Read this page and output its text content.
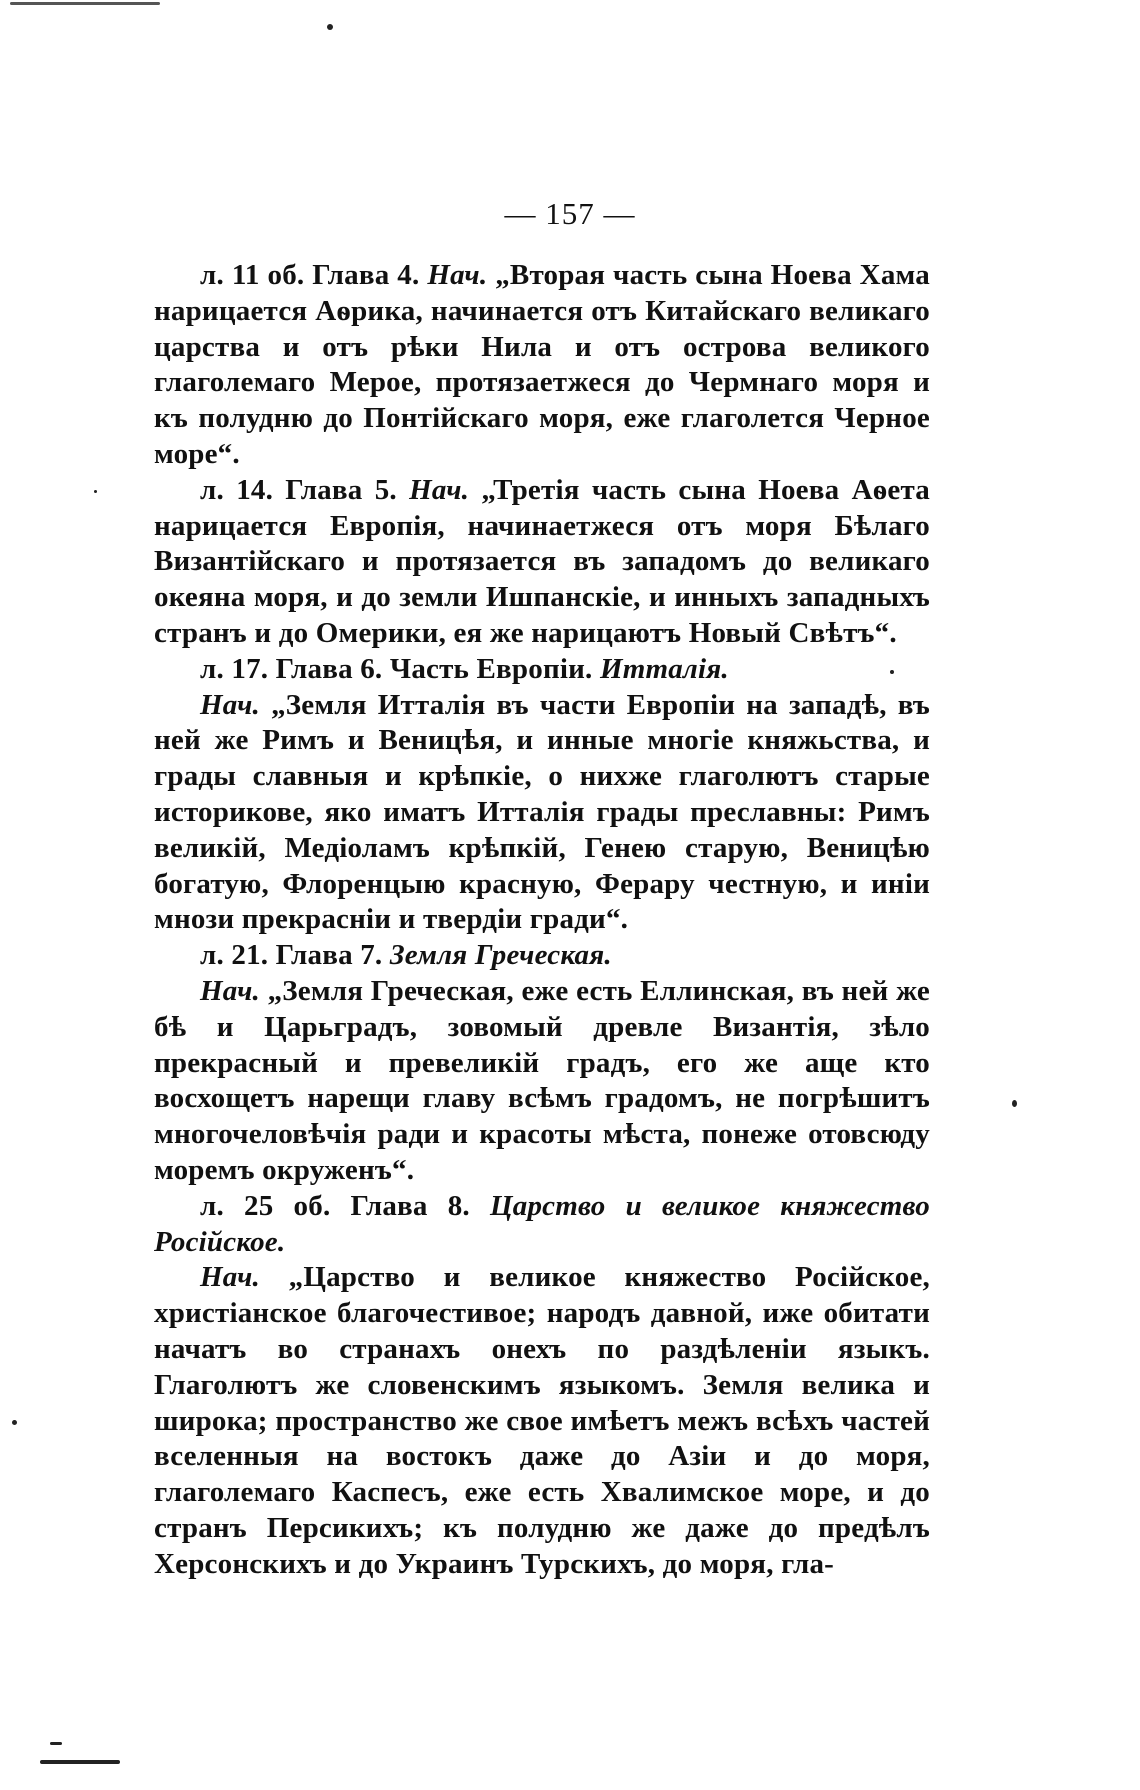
— 157 —

л. 11 об. Глава 4. Нач. „Вторая часть сына Ноева Хама нарицается Аѳрика, начинается отъ Китайскаго великаго царства и отъ рѣки Нила и отъ острова великого глаголемаго Мерое, протязаетжеся до Чермнаго моря и къ полудню до Понтійскаго моря, еже глаголется Черное море“.

л. 14. Глава 5. Нач. „Третія часть сына Ноева Аѳета нарицается Европія, начинаетжеся отъ моря Бѣлаго Византійскаго и протязается въ западомъ до великаго океяна моря, и до земли Ишпанскіе, и инныхъ западныхъ странъ и до Омерики, ея же нарицаютъ Новый Свѣтъ“.

л. 17. Глава 6. Часть Европіи. Итталія.

Нач. „Земля Итталія въ части Европіи на западѣ, въ ней же Римъ и Веницѣя, и инные многіе княжьства, и грады славныя и крѣпкіе, о нихже глаголютъ старые историкове, яко иматъ Итталія грады преславны: Римъ великій, Медіоламъ крѣпкій, Генею старую, Веницѣю богатую, Флоренцыю красную, Ферару честную, и иніи мнози прекрасніи и твердіи гради“.

л. 21. Глава 7. Земля Греческая.

Нач. „Земля Греческая, еже есть Еллинская, въ ней же бѣ и Царьградъ, зовомый древле Византія, зѣло прекрасный и превеликій градъ, его же аще кто восхощетъ нарещи главу всѣмъ градомъ, не погрѣшитъ многочеловѣчія ради и красоты мѣста, понеже отовсюду моремъ окруженъ“.

л. 25 об. Глава 8. Царство и великое княжество Російское.

Нач. „Царство и великое княжество Російское, христіанское благочестивое; народъ давной, иже обитати начатъ во странахъ онехъ по раздѣленіи языкъ. Глаголютъ же словенскимъ языкомъ. Земля велика и широка; пространство же свое имѣетъ межъ всѣхъ частей вселенныя на востокъ даже до Азіи и до моря, глаголемаго Каспесъ, еже есть Хвалимское море, и до странъ Персикихъ; къ полудню же даже до предѣлъ Херсонскихъ и до Украинъ Турскихъ, до моря, гла-
